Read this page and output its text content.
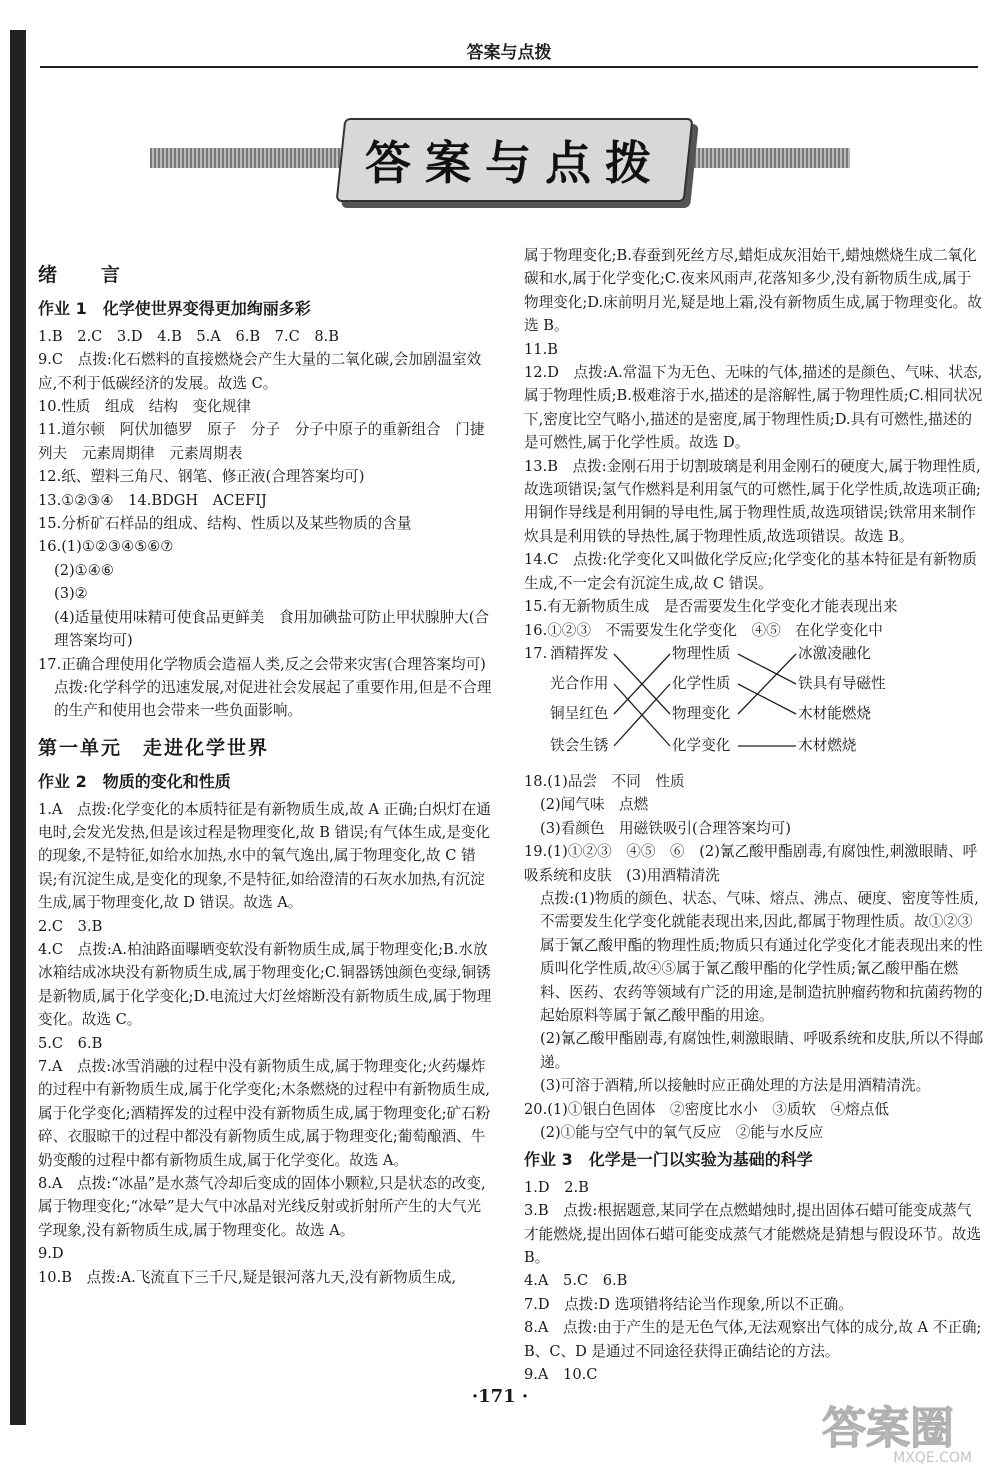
答案与点拨
答案与点拨

绪　　言

作业 1　化学使世界变得更加绚丽多彩

1.B　2.C　3.D　4.B　5.A　6.B　7.C　8.B

9.C　点拨:化石燃料的直接燃烧会产生大量的二氧化碳,会加剧温室效应,不利于低碳经济的发展。故选 C。

10.性质　组成　结构　变化规律

11.道尔顿　阿伏加德罗　原子　分子　分子中原子的重新组合　门捷列夫　元素周期律　元素周期表

12.纸、塑料三角尺、钢笔、修正液(合理答案均可)

13.①②③④　14.BDGH　ACEFIJ

15.分析矿石样品的组成、结构、性质以及某些物质的含量

16.(1)①②③④⑤⑥⑦

(2)①④⑥

(3)②

(4)适量使用味精可使食品更鲜美　食用加碘盐可防止甲状腺肿大(合理答案均可)

17.正确合理使用化学物质会造福人类,反之会带来灾害(合理答案均可)

点拨:化学科学的迅速发展,对促进社会发展起了重要作用,但是不合理的生产和使用也会带来一些负面影响。

第一单元　走进化学世界

作业 2　物质的变化和性质

1.A　点拨:化学变化的本质特征是有新物质生成,故 A 正确;白炽灯在通电时,会发光发热,但是该过程是物理变化,故 B 错误;有气体生成,是变化的现象,不是特征,如给水加热,水中的氧气逸出,属于物理变化,故 C 错误;有沉淀生成,是变化的现象,不是特征,如给澄清的石灰水加热,有沉淀生成,属于物理变化,故 D 错误。故选 A。

2.C　3.B

4.C　点拨:A.柏油路面曝晒变软没有新物质生成,属于物理变化;B.水放冰箱结成冰块没有新物质生成,属于物理变化;C.铜器锈蚀颜色变绿,铜锈是新物质,属于化学变化;D.电流过大灯丝熔断没有新物质生成,属于物理变化。故选 C。

5.C　6.B

7.A　点拨:冰雪消融的过程中没有新物质生成,属于物理变化;火药爆炸的过程中有新物质生成,属于化学变化;木条燃烧的过程中有新物质生成,属于化学变化;酒精挥发的过程中没有新物质生成,属于物理变化;矿石粉碎、衣服晾干的过程中都没有新物质生成,属于物理变化;葡萄酿酒、牛奶变酸的过程中都有新物质生成,属于化学变化。故选 A。

8.A　点拨:“冰晶”是水蒸气冷却后变成的固体小颗粒,只是状态的改变,属于物理变化;“冰晕”是大气中冰晶对光线反射或折射所产生的大气光学现象,没有新物质生成,属于物理变化。故选 A。

9.D

10.B　点拨:A.飞流直下三千尺,疑是银河落九天,没有新物质生成,

属于物理变化;B.春蚕到死丝方尽,蜡炬成灰泪始干,蜡烛燃烧生成二氧化碳和水,属于化学变化;C.夜来风雨声,花落知多少,没有新物质生成,属于物理变化;D.床前明月光,疑是地上霜,没有新物质生成,属于物理变化。故选 B。

11.B

12.D　点拨:A.常温下为无色、无味的气体,描述的是颜色、气味、状态,属于物理性质;B.极难溶于水,描述的是溶解性,属于物理性质;C.相同状况下,密度比空气略小,描述的是密度,属于物理性质;D.具有可燃性,描述的是可燃性,属于化学性质。故选 D。

13.B　点拨:金刚石用于切割玻璃是利用金刚石的硬度大,属于物理性质,故选项错误;氢气作燃料是利用氢气的可燃性,属于化学性质,故选项正确;用铜作导线是利用铜的导电性,属于物理性质,故选项错误;铁常用来制作炊具是利用铁的导热性,属于物理性质,故选项错误。故选 B。

14.C　点拨:化学变化又叫做化学反应;化学变化的基本特征是有新物质生成,不一定会有沉淀生成,故 C 错误。

15.有无新物质生成　是否需要发生化学变化才能表现出来

16.①②③　不需要发生化学变化　④⑤　在化学变化中

17. 酒精挥发
光合作用
铜呈红色
铁会生锈
物理性质
化学性质
物理变化
化学变化
冰激凌融化
铁具有导磁性
木材能燃烧
木材燃烧

18.(1)品尝　不同　性质

(2)闻气味　点燃

(3)看颜色　用磁铁吸引(合理答案均可)

19.(1)①②③　④⑤　⑥　(2)氰乙酸甲酯剧毒,有腐蚀性,刺激眼睛、呼吸系统和皮肤　(3)用酒精清洗

点拨:(1)物质的颜色、状态、气味、熔点、沸点、硬度、密度等性质,不需要发生化学变化就能表现出来,因此,都属于物理性质。故①②③属于氰乙酸甲酯的物理性质;物质只有通过化学变化才能表现出来的性质叫化学性质,故④⑤属于氰乙酸甲酯的化学性质;氰乙酸甲酯在燃料、医药、农药等领域有广泛的用途,是制造抗肿瘤药物和抗菌药物的起始原料等属于氰乙酸甲酯的用途。

(2)氰乙酸甲酯剧毒,有腐蚀性,刺激眼睛、呼吸系统和皮肤,所以不得邮递。

(3)可溶于酒精,所以接触时应正确处理的方法是用酒精清洗。

20.(1)①银白色固体　②密度比水小　③质软　④熔点低

(2)①能与空气中的氧气反应　②能与水反应

作业 3　化学是一门以实验为基础的科学

1.D　2.B

3.B　点拨:根据题意,某同学在点燃蜡烛时,提出固体石蜡可能变成蒸气才能燃烧,提出固体石蜡可能变成蒸气才能燃烧是猜想与假设环节。故选 B。

4.A　5.C　6.B

7.D　点拨:D 选项错将结论当作现象,所以不正确。

8.A　点拨:由于产生的是无色气体,无法观察出气体的成分,故 A 不正确;B、C、D 是通过不同途径获得正确结论的方法。

9.A　10.C

·171 ·
答案圈
MXQE.COM
